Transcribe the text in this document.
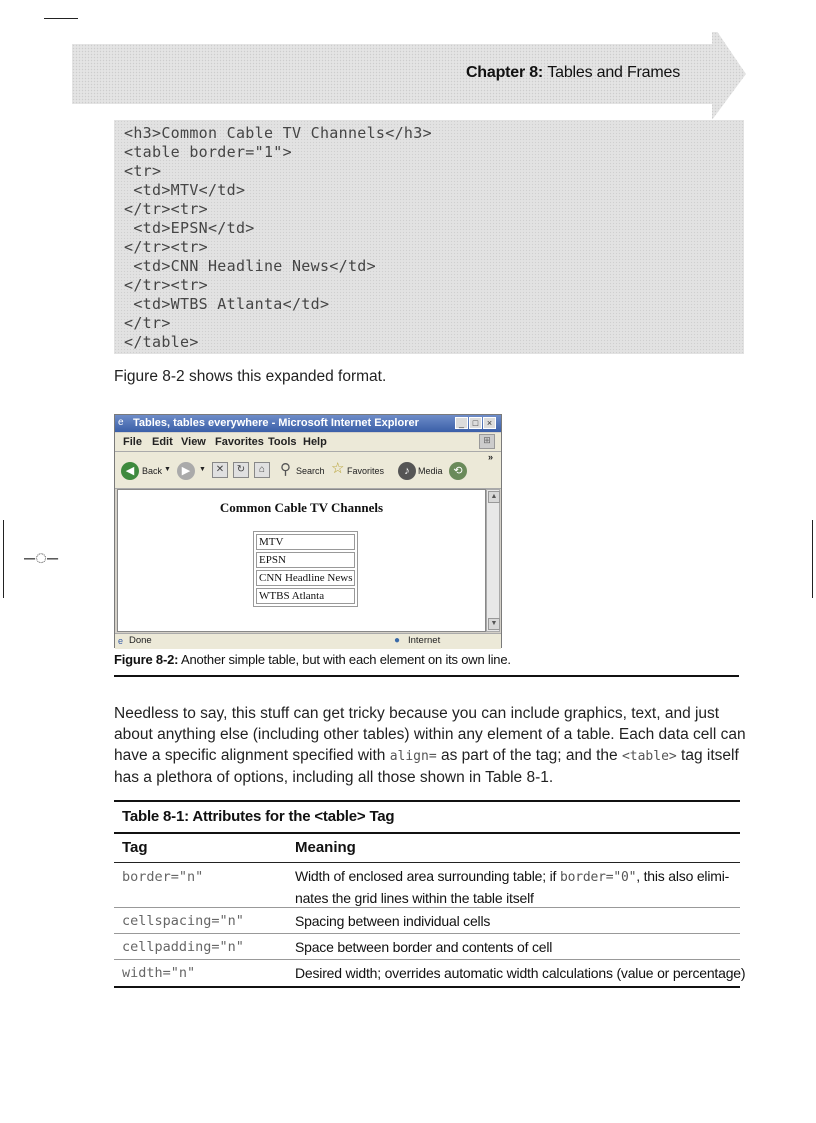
–◌–
Chapter 8: Tables and Frames
<h3>Common Cable TV Channels</h3>
<table border="1">
<tr>
<td>MTV</td>
</tr><tr>
<td>EPSN</td>
</tr><tr>
<td>CNN Headline News</td>
</tr><tr>
<td>WTBS Atlanta</td>
</tr>
</table>
Figure 8-2 shows this expanded format.
e Tables, tables everywhere - Microsoft Internet Explorer	_ □ ×
File Edit View Favorites Tools Help	⊞
◀ Back ▼ ▶	▼ ✕	↻	⌂ ⚲ Search ☆ Favorites	♪ Media ⟲
»
Common Cable TV Channels
MTV
EPSN
CNN Headline News
WTBS Atlanta
▲
▼
e Done	● Internet
Figure 8-2: Another simple table, but with each element on its own line.
Needless to say, this stuff can get tricky because you can include graphics, text, and just
about anything else (including other tables) within any element of a table. Each data cell can
have a specific alignment specified with align= as part of the tag; and the <table> tag itself
has a plethora of options, including all those shown in Table 8-1.
Table 8-1: Attributes for the <table> Tag
Tag	Meaning
border="n"	Width of enclosed area surrounding table; if border="0", this also elimi-
nates the grid lines within the table itself
cellspacing="n"	Spacing between individual cells
cellpadding="n"	Space between border and contents of cell
width="n"	Desired width; overrides automatic width calculations (value or percentage)
